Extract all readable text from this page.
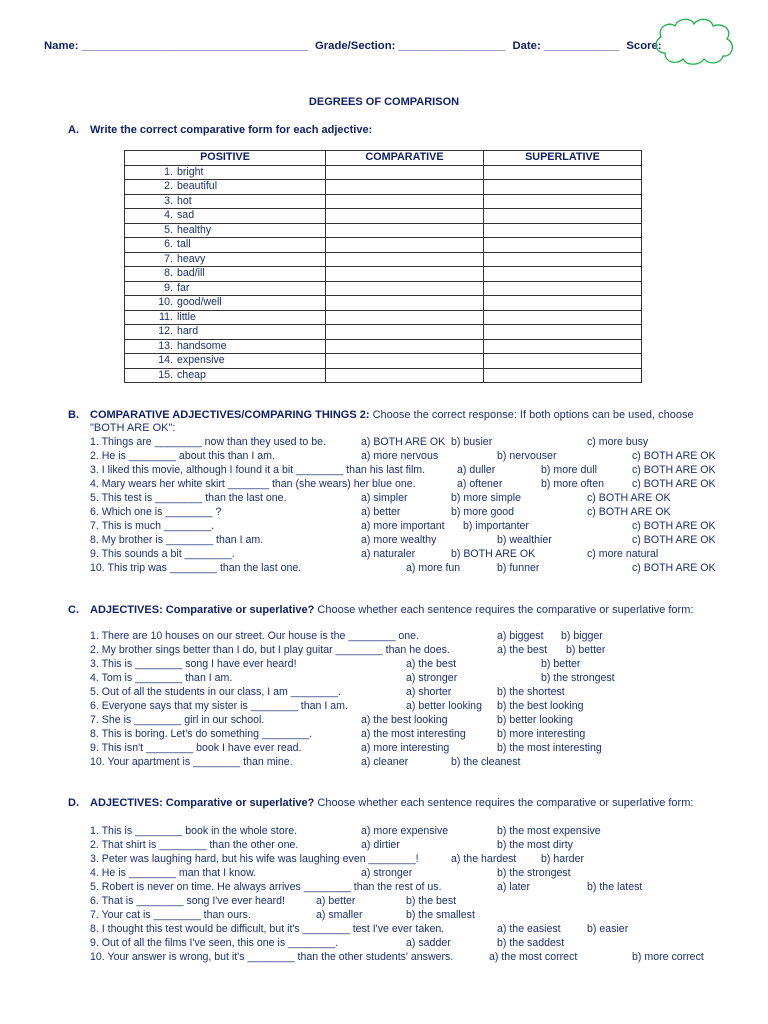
Name: ____________________________________ Grade/Section: _________________ Date: ____________ Score:
DEGREES OF COMPARISON
A. Write the correct comparative form for each adjective:
POSITIVE	COMPARATIVE	SUPERLATIVE
1. bright		
2. beautiful		
3. hot		
4. sad		
5. healthy		
6. tall		
7. heavy		
8. bad/ill		
9. far		
10. good/well		
11. little		
12. hard		
13. handsome		
14. expensive		
15. cheap		
B. COMPARATIVE ADJECTIVES/COMPARING THINGS 2: Choose the correct response: If both options can be used, choose
"BOTH ARE OK":
1. Things are ________ now than they used to be.	a) BOTH ARE OK b) busier	c) more busy
2. He is ________ about this than I am.	a) more nervous	b) nervouser	c) BOTH ARE OK
3. I liked this movie, although I found it a bit ________ than his last film.	a) duller	b) more dull	c) BOTH ARE OK
4. Mary wears her white skirt _______ than (she wears) her blue one.	a) oftener	b) more often	c) BOTH ARE OK
5. This test is ________ than the last one.	a) simpler	b) more simple	c) BOTH ARE OK
6. Which one is ________ ?	a) better	b) more good	c) BOTH ARE OK
7. This is much ________.	a) more important b) importanter	c) BOTH ARE OK
8. My brother is ________ than I am.	a) more wealthy	b) wealthier	c) BOTH ARE OK
9. This sounds a bit ________.	a) naturaler	b) BOTH ARE OK	c) more natural
10. This trip was ________ than the last one.	a) more fun	b) funner	c) BOTH ARE OK
C. ADJECTIVES: Comparative or superlative? Choose whether each sentence requires the comparative or superlative form:
1. There are 10 houses on our street. Our house is the ________ one.	a) biggest b) bigger
2. My brother sings better than I do, but I play guitar ________ than he does.	a) the best b) better
3. This is ________ song I have ever heard!	a) the best	b) better
4. Tom is ________ than I am.	a) stronger	b) the strongest
5. Out of all the students in our class, I am ________.	a) shorter	b) the shortest
6. Everyone says that my sister is ________ than I am.	a) better looking b) the best looking
7. She is ________ girl in our school.	a) the best looking	b) better looking
8. This is boring. Let's do something ________.	a) the most interesting	b) more interesting
9. This isn't ________ book I have ever read.	a) more interesting	b) the most interesting
10. Your apartment is ________ than mine.	a) cleaner	b) the cleanest
D. ADJECTIVES: Comparative or superlative? Choose whether each sentence requires the comparative or superlative form:
1. This is ________ book in the whole store.	a) more expensive	b) the most expensive
2. That shirt is ________ than the other one.	a) dirtier	b) the most dirty
3. Peter was laughing hard, but his wife was laughing even ________!	a) the hardest b) harder
4. He is ________ man that I know.	a) stronger	b) the strongest
5. Robert is never on time. He always arrives ________ than the rest of us.	a) later	b) the latest
6. That is ________ song I've ever heard!	a) better	b) the best
7. Your cat is ________ than ours.	a) smaller	b) the smallest
8. I thought this test would be difficult, but it's ________ test I've ever taken.	a) the easiest b) easier
9. Out of all the films I've seen, this one is ________.	a) sadder	b) the saddest
10. Your answer is wrong, but it's ________ than the other students' answers.	a) the most correct	b) more correct
